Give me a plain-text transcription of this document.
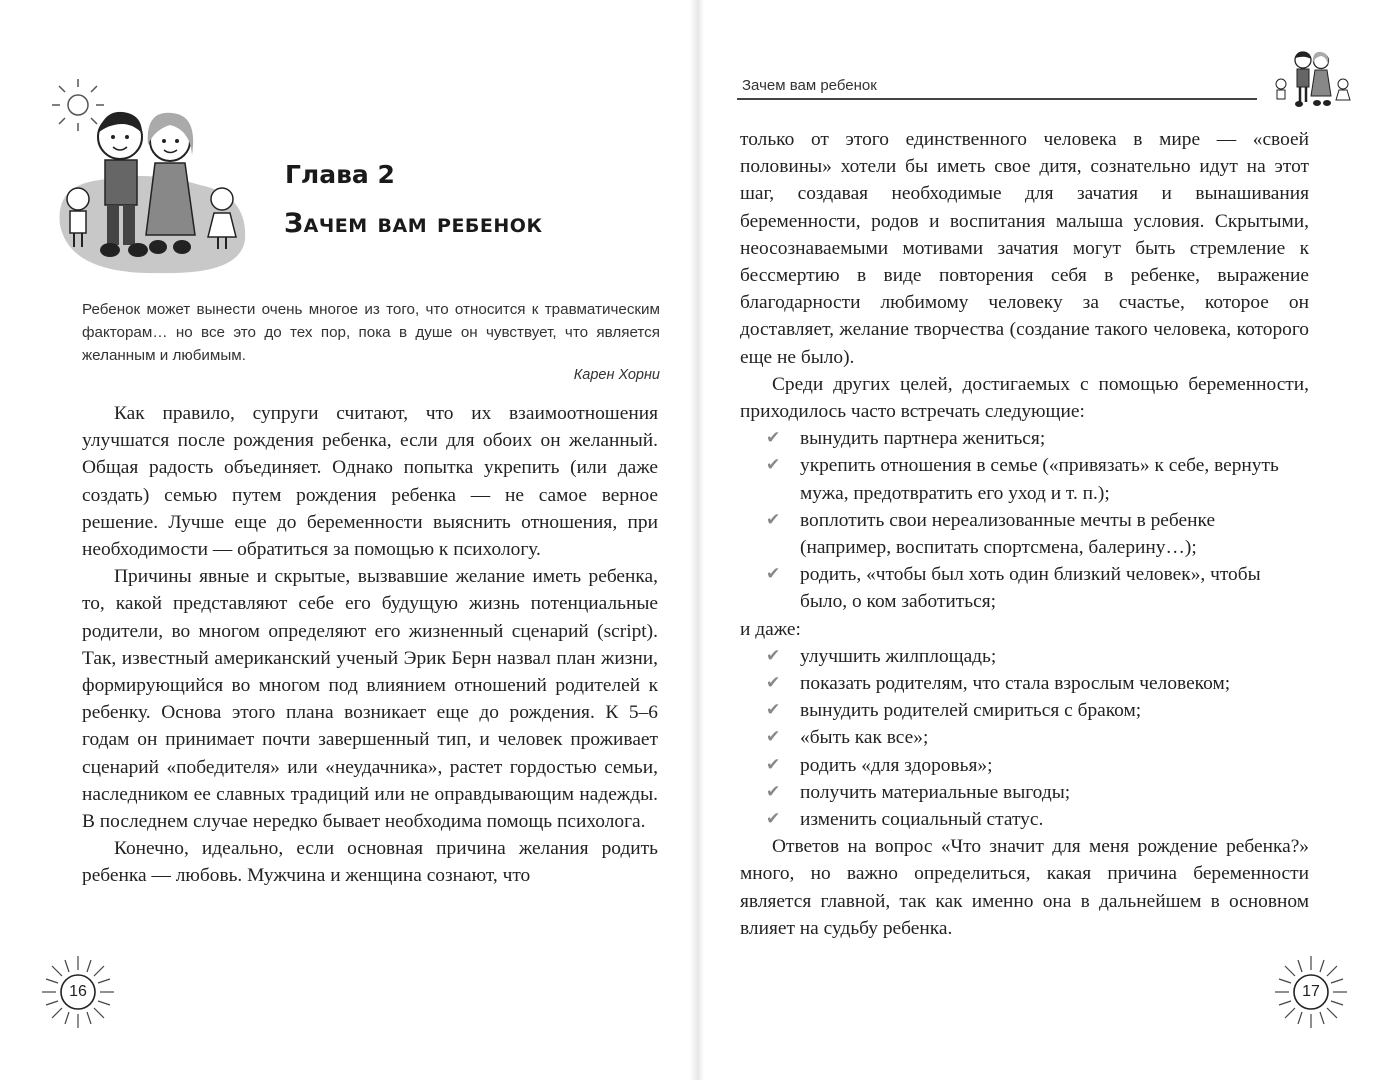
Глава 2
Зачем вам ребенок
Ребенок может вынести очень многое из того, что относится к травматическим факторам… но все это до тех пор, пока в душе он чувствует, что является желанным и любимым.
Карен Хорни

Как правило, супруги считают, что их взаимоотношения улучшатся после рождения ребенка, если для обоих он желанный. Общая радость объединяет. Однако попытка укрепить (или даже создать) семью путем рождения ребенка — не самое верное решение. Лучше еще до беременности выяснить отношения, при необходимости — обратиться за помощью к психологу.

Причины явные и скрытые, вызвавшие желание иметь ребенка, то, какой представляют себе его будущую жизнь потенциальные родители, во многом определяют его жизненный сценарий (script). Так, известный американский ученый Эрик Берн назвал план жизни, формирующийся во многом под влиянием отношений родителей к ребенку. Основа этого плана возникает еще до рождения. К 5–6 годам он принимает почти завершенный тип, и человек проживает сценарий «победителя» или «неудачника», растет гордостью семьи, наследником ее славных традиций или не оправдывающим надежды. В последнем случае нередко бывает необходима помощь психолога.

Конечно, идеально, если основная причина желания родить ребенка — любовь. Мужчина и женщина сознают, что

16
Зачем вам ребенок

только от этого единственного человека в мире — «своей половины» хотели бы иметь свое дитя, сознательно идут на этот шаг, создавая необходимые для зачатия и вынашивания беременности, родов и воспитания малыша условия. Скрытыми, неосознаваемыми мотивами зачатия могут быть стремление к бессмертию в виде повторения себя в ребенке, выражение благодарности любимому человеку за счастье, которое он доставляет, желание творчества (создание такого человека, которого еще не было).

Среди других целей, достигаемых с помощью беременности, приходилось часто встречать следующие:

✔ вынудить партнера жениться;
✔ укрепить отношения в семье («привязать» к себе, вернуть мужа, предотвратить его уход и т. п.);
✔ воплотить свои нереализованные мечты в ребенке (например, воспитать спортсмена, балерину…);
✔ родить, «чтобы был хоть один близкий человек», чтобы было, о ком заботиться;

и даже:

✔ улучшить жилплощадь;
✔ показать родителям, что стала взрослым человеком;
✔ вынудить родителей смириться с браком;
✔ «быть как все»;
✔ родить «для здоровья»;
✔ получить материальные выгоды;
✔ изменить социальный статус.

Ответов на вопрос «Что значит для меня рождение ребенка?» много, но важно определиться, какая причина беременности является главной, так как именно она в дальнейшем в основном влияет на судьбу ребенка.

17
